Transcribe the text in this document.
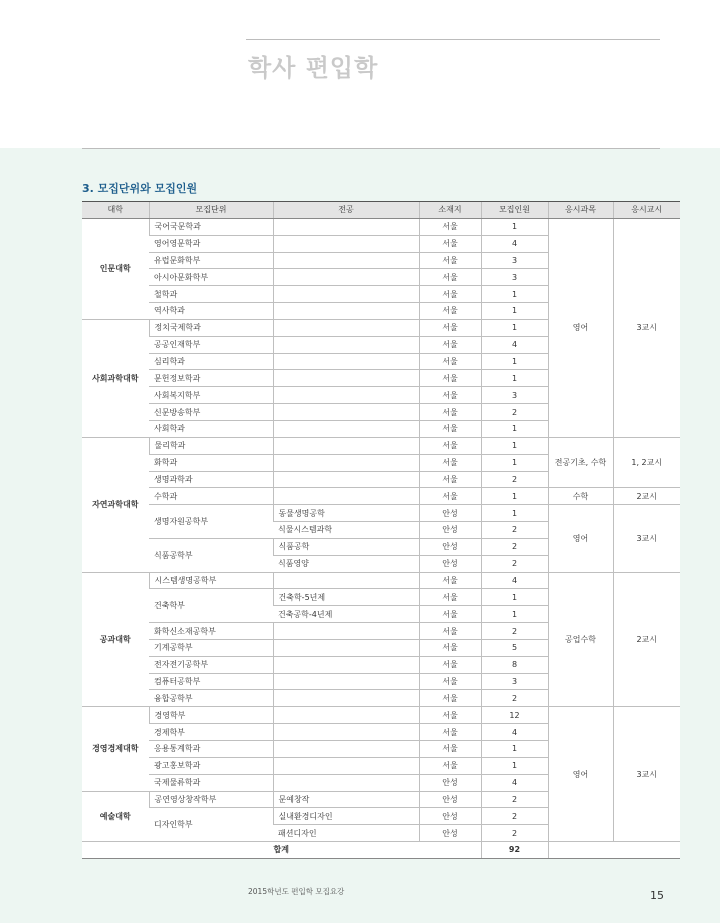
학사 편입학
3. 모집단위와 모집인원
대학	모집단위	전공	소재지	모집인원	응시과목	응시교시
인문대학	국어국문학과		서울	1	영어	3교시
	영어영문학과		서울	4		
	유럽문화학부		서울	3		
	아시아문화학부		서울	3		
	철학과		서울	1		
	역사학과		서울	1		
사회과학대학	정치국제학과		서울	1		
	공공인재학부		서울	4		
	심리학과		서울	1		
	문헌정보학과		서울	1		
	사회복지학부		서울	3		
	신문방송학부		서울	2		
	사회학과		서울	1		
자연과학대학	물리학과		서울	1	전공기초, 수학	1, 2교시
	화학과		서울	1		
	생명과학과		서울	2		
	수학과		서울	1	수학	2교시
	생명자원공학부	동물생명공학	안성	1	영어	3교시
		식물시스템과학	안성	2		
	식품공학부	식품공학	안성	2		
		식품영양	안성	2		
공과대학	시스템생명공학부		서울	4	공업수학	2교시
	건축학부	건축학-5년제	서울	1		
		건축공학-4년제	서울	1		
	화학신소재공학부		서울	2		
	기계공학부		서울	5		
	전자전기공학부		서울	8		
	컴퓨터공학부		서울	3		
	융합공학부		서울	2		
경영경제대학	경영학부		서울	12	영어	3교시
	경제학부		서울	4		
	응용통계학과		서울	1		
	광고홍보학과		서울	1		
	국제물류학과		안성	4		
예술대학	공연영상창작학부	문예창작	안성	2		
	디자인학부	실내환경디자인	안성	2		
		패션디자인	안성	2		
합계				92		
2015학년도 편입학 모집요강	15
